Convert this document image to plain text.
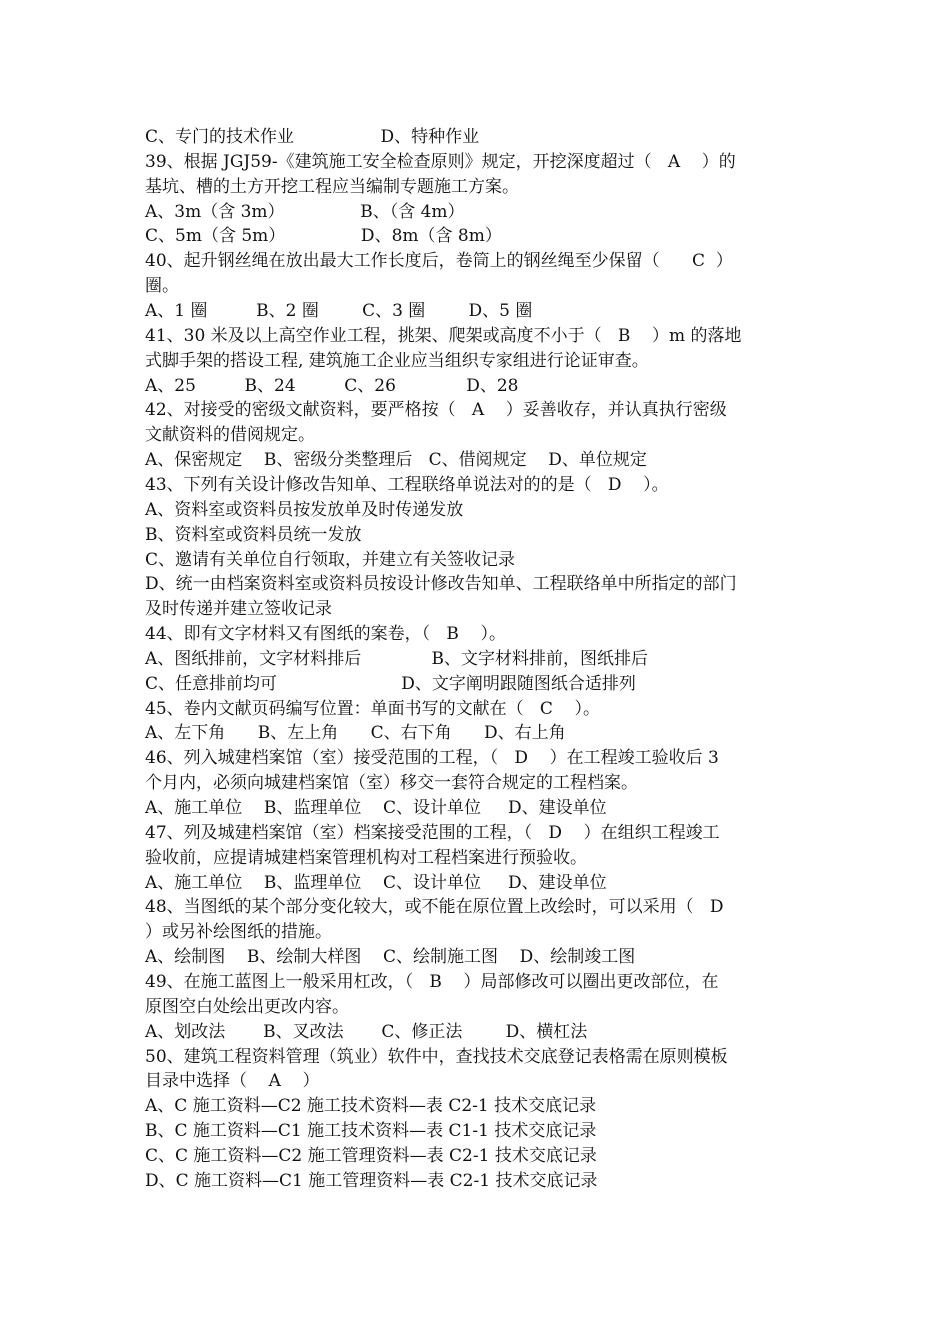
C、专门的技术作业                D、特种作业
39、根据 JGJ59-《建筑施工安全检查原则》规定，开挖深度超过（   A    ）的
基坑、槽的土方开挖工程应当编制专题施工方案。
A、3m（含 3m）              B、（含 4m）
C、5m（含 5m）              D、8m（含 8m）
40、起升钢丝绳在放出最大工作长度后，卷筒上的钢丝绳至少保留（      C  ）
圈。
A、1 圈         B、2 圈        C、3 圈        D、5 圈
41、30 米及以上高空作业工程，挑架、爬架或高度不小于（   B    ）m 的落地
式脚手架的搭设工程, 建筑施工企业应当组织专家组进行论证审查。
A、25         B、24         C、26             D、28
42、对接受的密级文献资料，要严格按（   A    ）妥善收存，并认真执行密级
文献资料的借阅规定。
A、保密规定    B、密级分类整理后   C、借阅规定    D、单位规定
43、下列有关设计修改告知单、工程联络单说法对的的是（   D    ）。
A、资料室或资料员按发放单及时传递发放
B、资料室或资料员统一发放
C、邀请有关单位自行领取，并建立有关签收记录
D、统一由档案资料室或资料员按设计修改告知单、工程联络单中所指定的部门
及时传递并建立签收记录
44、即有文字材料又有图纸的案卷，（   B    ）。
A、图纸排前，文字材料排后             B、文字材料排前，图纸排后
C、任意排前均可                       D、文字阐明跟随图纸合适排列
45、卷内文献页码编写位置：单面书写的文献在（   C    ）。
A、左下角      B、左上角      C、右下角      D、右上角
46、列入城建档案馆（室）接受范围的工程，（   D    ）在工程竣工验收后 3
个月内，必须向城建档案馆（室）移交一套符合规定的工程档案。
A、施工单位    B、监理单位    C、设计单位     D、建设单位
47、列及城建档案馆（室）档案接受范围的工程，（   D    ）在组织工程竣工
验收前，应提请城建档案管理机构对工程档案进行预验收。
A、施工单位    B、监理单位    C、设计单位     D、建设单位
48、当图纸的某个部分变化较大，或不能在原位置上改绘时，可以采用（   D
）或另补绘图纸的措施。
A、绘制图    B、绘制大样图    C、绘制施工图    D、绘制竣工图
49、在施工蓝图上一般采用杠改，（   B    ）局部修改可以圈出更改部位，在
原图空白处绘出更改内容。
A、划改法       B、叉改法       C、修正法        D、横杠法
50、建筑工程资料管理（筑业）软件中，查找技术交底登记表格需在原则模板
目录中选择（    A    ）
A、C 施工资料—C2 施工技术资料—表 C2-1 技术交底记录
B、C 施工资料—C1 施工技术资料—表 C1-1 技术交底记录
C、C 施工资料—C2 施工管理资料—表 C2-1 技术交底记录
D、C 施工资料—C1 施工管理资料—表 C2-1 技术交底记录
